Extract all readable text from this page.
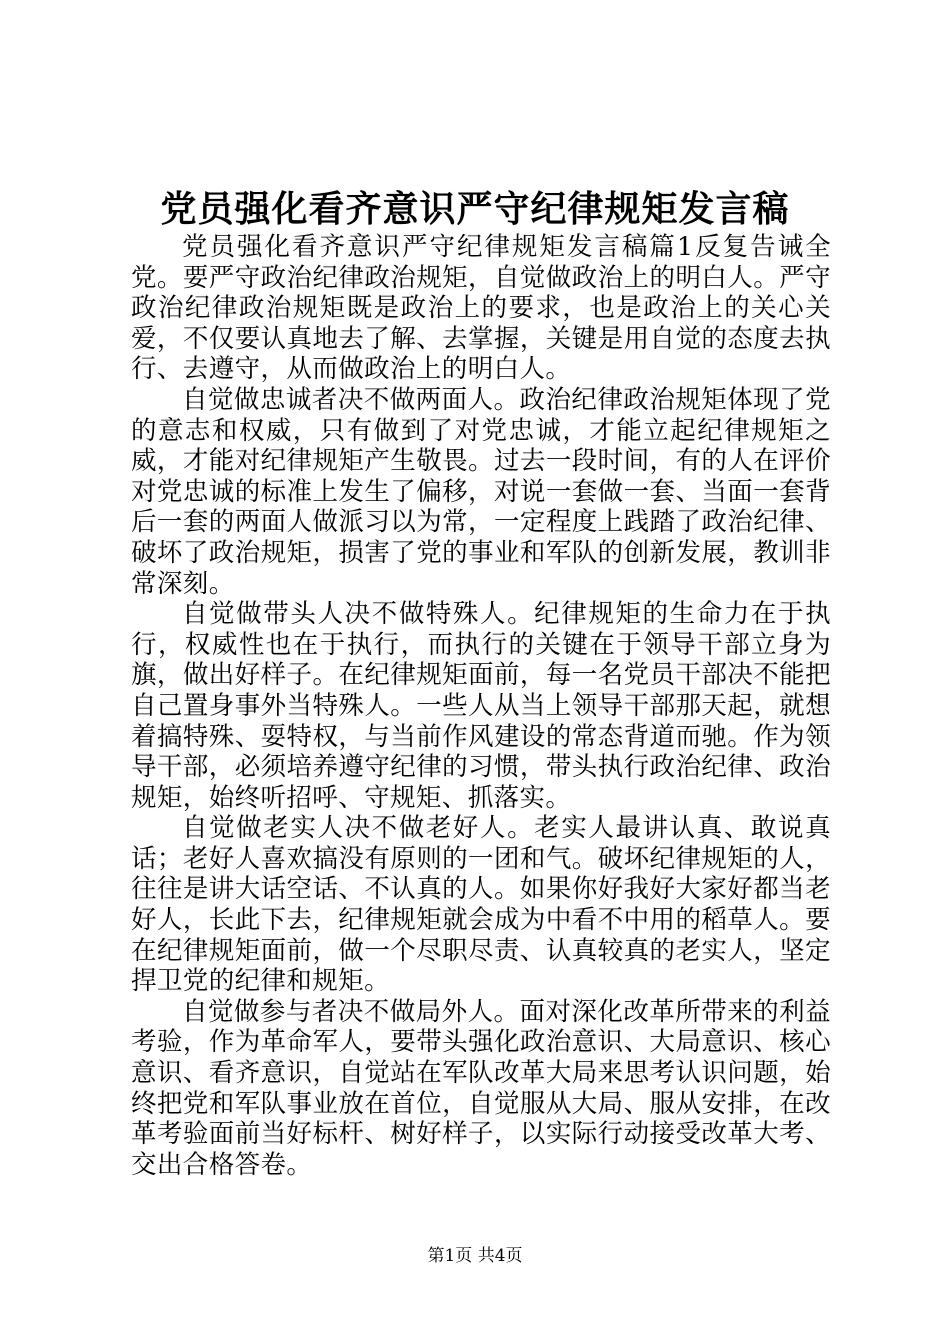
党员强化看齐意识严守纪律规矩发言稿

党员强化看齐意识严守纪律规矩发言稿篇1反复告诫全党。要严守政治纪律政治规矩，自觉做政治上的明白人。严守政治纪律政治规矩既是政治上的要求，也是政治上的关心关爱，不仅要认真地去了解、去掌握，关键是用自觉的态度去执行、去遵守，从而做政治上的明白人。

自觉做忠诚者决不做两面人。政治纪律政治规矩体现了党的意志和权威，只有做到了对党忠诚，才能立起纪律规矩之威，才能对纪律规矩产生敬畏。过去一段时间，有的人在评价对党忠诚的标准上发生了偏移，对说一套做一套、当面一套背后一套的两面人做派习以为常，一定程度上践踏了政治纪律、破坏了政治规矩，损害了党的事业和军队的创新发展，教训非常深刻。

自觉做带头人决不做特殊人。纪律规矩的生命力在于执行，权威性也在于执行，而执行的关键在于领导干部立身为旗，做出好样子。在纪律规矩面前，每一名党员干部决不能把自己置身事外当特殊人。一些人从当上领导干部那天起，就想着搞特殊、耍特权，与当前作风建设的常态背道而驰。作为领导干部，必须培养遵守纪律的习惯，带头执行政治纪律、政治规矩，始终听招呼、守规矩、抓落实。

自觉做老实人决不做老好人。老实人最讲认真、敢说真话；老好人喜欢搞没有原则的一团和气。破坏纪律规矩的人，往往是讲大话空话、不认真的人。如果你好我好大家好都当老好人，长此下去，纪律规矩就会成为中看不中用的稻草人。要在纪律规矩面前，做一个尽职尽责、认真较真的老实人，坚定捍卫党的纪律和规矩。

自觉做参与者决不做局外人。面对深化改革所带来的利益考验，作为革命军人，要带头强化政治意识、大局意识、核心意识、看齐意识，自觉站在军队改革大局来思考认识问题，始终把党和军队事业放在首位，自觉服从大局、服从安排，在改革考验面前当好标杆、树好样子，以实际行动接受改革大考、交出合格答卷。

第1页 共4页
